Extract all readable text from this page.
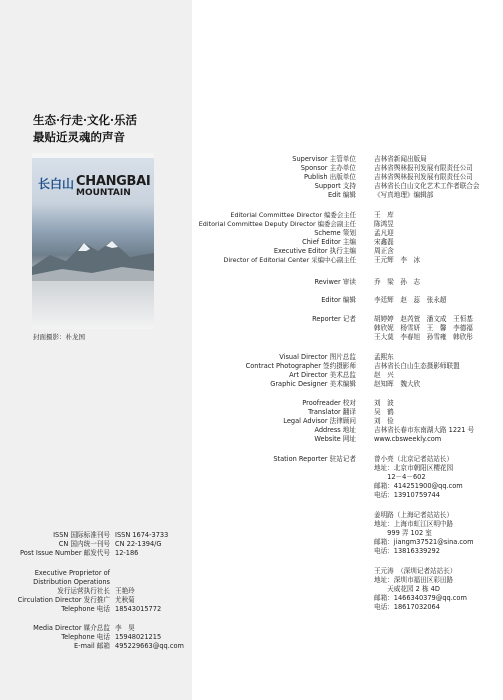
生态·行走·文化·乐活
最贴近灵魂的声音
长白山 CHANGBAI
MOUNTAIN
封面摄影：朴龙国
ISSN 国际标准刊号 ISSN 1674-3733
CN 国内统一刊号 CN 22-1394/G
Post Issue Number 邮发代号 12-186
Executive Proprietor of
Distribution Operations
发行运营执行社长 王艳玲
Circulation Director 发行推广 尤秋菊
Telephone 电话 18543015772
Media Director 媒介总监 李　昊
Telephone 电话 15948021215
E-mail 邮箱 495229663@qq.com
Supervisor 主管单位	吉林省新闻出版局
Sponsor 主办单位	吉林省舆林报刊发展有限责任公司
Publish 出版单位	吉林省舆林报刊发展有限责任公司
Support 支持	吉林省长白山文化艺术工作者联合会
Edit 编辑	《写真地理》编辑部
Editorial Committee Director 编委会主任	王　库
Editorial Committee Deputy Director 编委会副主任	陈鸿昱
Scheme 策划	孟凡迎
Chief Editor 主编	宋鑫磊
Executive Editor 执行主编	周正含
Director of Editorial Center 采编中心副主任	王元辉　李　冰
Reviwer 审读	乔　梁　孙　志
Editor 编辑	李廷辉　赵　蕊　张永超
Reporter 记者	胡婷婷　赵芮萱　潘文成　王恒基
韩欣妮　杨雪妍　王　馨　李德福
王大莫　李春旭　孙雪雍　韩欣彤
Visual Director 图片总监	孟熙东
Contract Photographer 签约摄影师	吉林省长白山生态摄影师联盟
Art Director 美术总监	赵　兴
Graphic Designer 美术编辑	赵知晖　魏大欣
Proofreader 校对	刘　波
Translator 翻译	吴　鹤
Legal Advisor 法律顾问	刘　俭
Address 地址	吉林省长春市东南湖大路 1221 号
Website 网址	www.cbsweekly.com
Station Reporter 驻站记者	曾小亮（北京记者站站长）
地址：北京市朝阳区樱花园
　　12－4－602
邮箱：414251900@qq.com
电话：13910759744
姜明路（上海记者站站长）
地址：上海市虹江区明中路
　　999 弄 102 室
邮箱：jiangm37521@sina.com
电话：13816339292
王元涛　（深圳记者站站长）
地址：深圳市福田区彩田路
　　天威花园 2 栋 4D
邮箱：1466340379@qq.com
电话：18617032064
